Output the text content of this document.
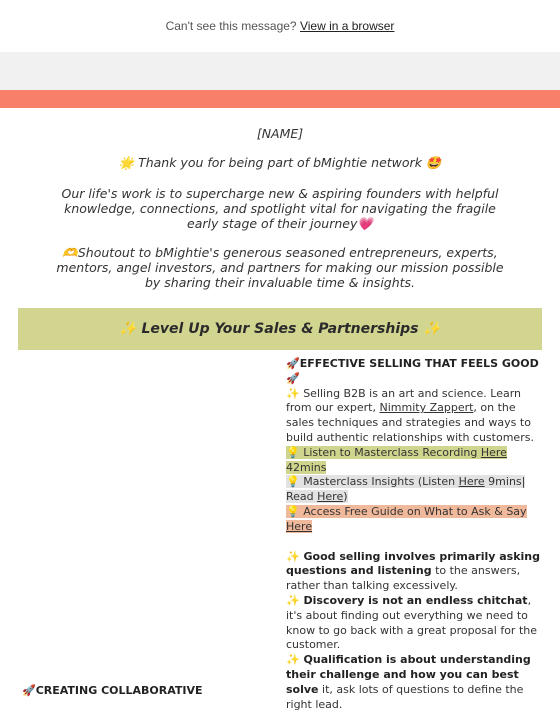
Can't see this message? View in a browser

[NAME]

🌟 Thank you for being part of bMightie network 🤩

Our life's work is to supercharge new & aspiring founders with helpful knowledge, connections, and spotlight vital for navigating the fragile early stage of their journey💗

🫶Shoutout to bMightie's generous seasoned entrepreneurs, experts, mentors, angel investors, and partners for making our mission possible by sharing their invaluable time & insights.

✨ Level Up Your Sales & Partnerships ✨
🚀EFFECTIVE SELLING THAT FEELS GOOD 🚀
✨ Selling B2B is an art and science. Learn from our expert, Nimmity Zappert, on the sales techniques and strategies and ways to build authentic relationships with customers.
💡 Listen to Masterclass Recording Here 42mins
💡 Masterclass Insights (Listen Here 9mins| Read Here)
💡 Access Free Guide on What to Ask & Say Here
✨ Good selling involves primarily asking questions and listening to the answers, rather than talking excessively.
✨ Discovery is not an endless chitchat, it's about finding out everything we need to know to go back with a great proposal for the customer.
✨ Qualification is about understanding their challenge and how you can best solve it, ask lots of questions to define the right lead.
🚀CREATING COLLABORATIVE
